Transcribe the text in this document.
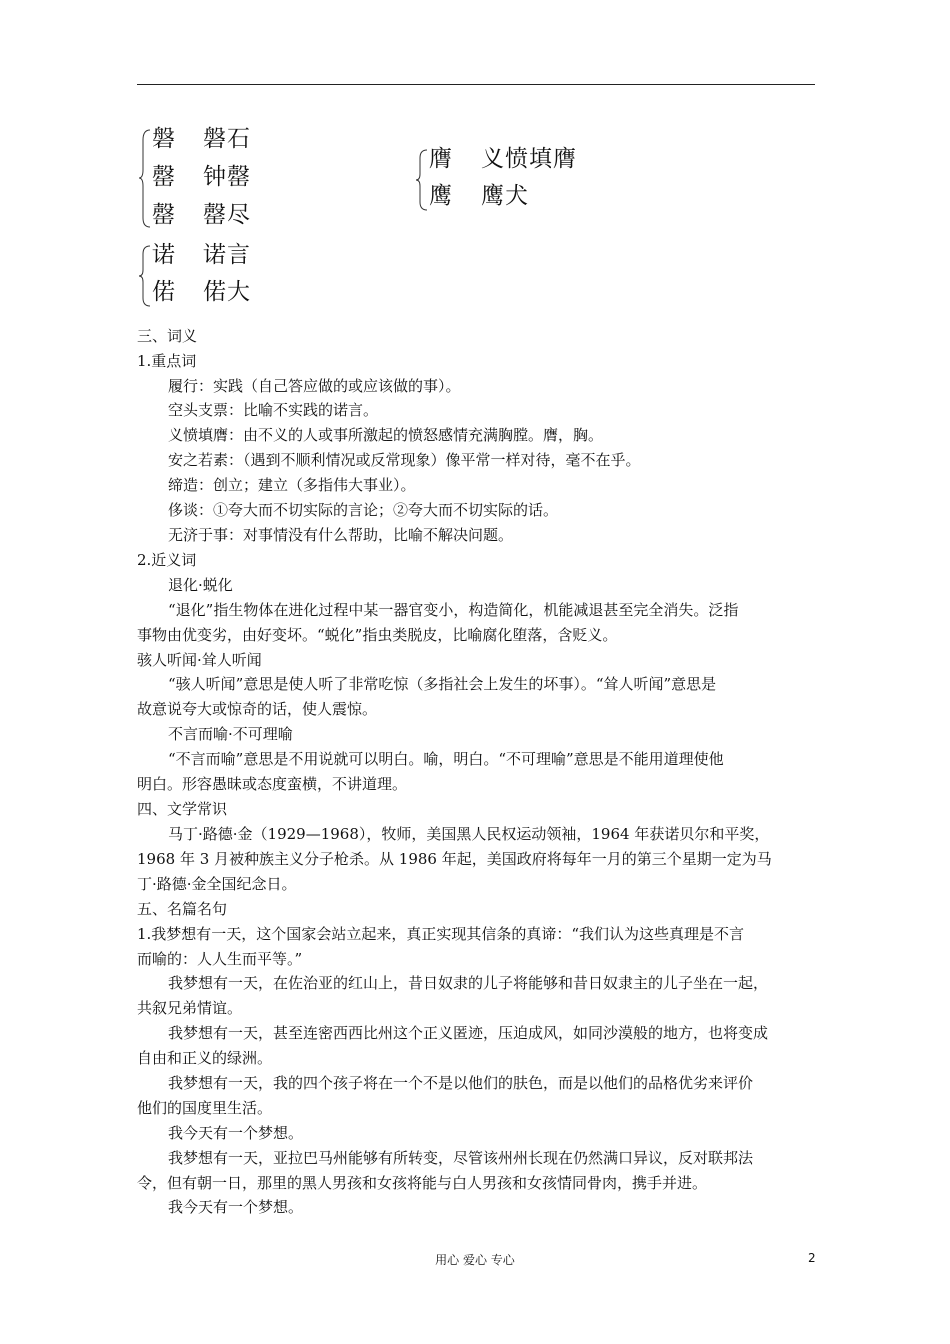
磐 磐石
罄 钟罄
罄 罄尽
诺 诺言
偌 偌大
膺 义愤填膺
鹰 鹰犬
三、词义
1.重点词
履行：实践（自己答应做的或应该做的事）。
空头支票：比喻不实践的诺言。
义愤填膺：由不义的人或事所激起的愤怒感情充满胸膛。膺，胸。
安之若素：（遇到不顺利情况或反常现象）像平常一样对待，毫不在乎。
缔造：创立；建立（多指伟大事业）。
侈谈：①夸大而不切实际的言论；②夸大而不切实际的话。
无济于事：对事情没有什么帮助，比喻不解决问题。
2.近义词
退化·蜕化
“退化”指生物体在进化过程中某一器官变小，构造简化，机能减退甚至完全消失。泛指
事物由优变劣，由好变坏。“蜕化”指虫类脱皮，比喻腐化堕落，含贬义。
骇人听闻·耸人听闻
“骇人听闻”意思是使人听了非常吃惊（多指社会上发生的坏事）。“耸人听闻”意思是
故意说夸大或惊奇的话，使人震惊。
不言而喻·不可理喻
“不言而喻”意思是不用说就可以明白。喻，明白。“不可理喻”意思是不能用道理使他
明白。形容愚昧或态度蛮横，不讲道理。
四、文学常识
马丁·路德·金（1929—1968），牧师，美国黑人民权运动领袖，1964 年获诺贝尔和平奖，
1968 年 3 月被种族主义分子枪杀。从 1986 年起，美国政府将每年一月的第三个星期一定为马
丁·路德·金全国纪念日。
五、名篇名句
1.我梦想有一天，这个国家会站立起来，真正实现其信条的真谛：“我们认为这些真理是不言
而喻的：人人生而平等。”
我梦想有一天，在佐治亚的红山上，昔日奴隶的儿子将能够和昔日奴隶主的儿子坐在一起，
共叙兄弟情谊。
我梦想有一天，甚至连密西西比州这个正义匿迹，压迫成风，如同沙漠般的地方，也将变成
自由和正义的绿洲。
我梦想有一天，我的四个孩子将在一个不是以他们的肤色，而是以他们的品格优劣来评价
他们的国度里生活。
我今天有一个梦想。
我梦想有一天，亚拉巴马州能够有所转变，尽管该州州长现在仍然满口异议，反对联邦法
令，但有朝一日，那里的黑人男孩和女孩将能与白人男孩和女孩情同骨肉，携手并进。
我今天有一个梦想。
用心 爱心 专心	2
